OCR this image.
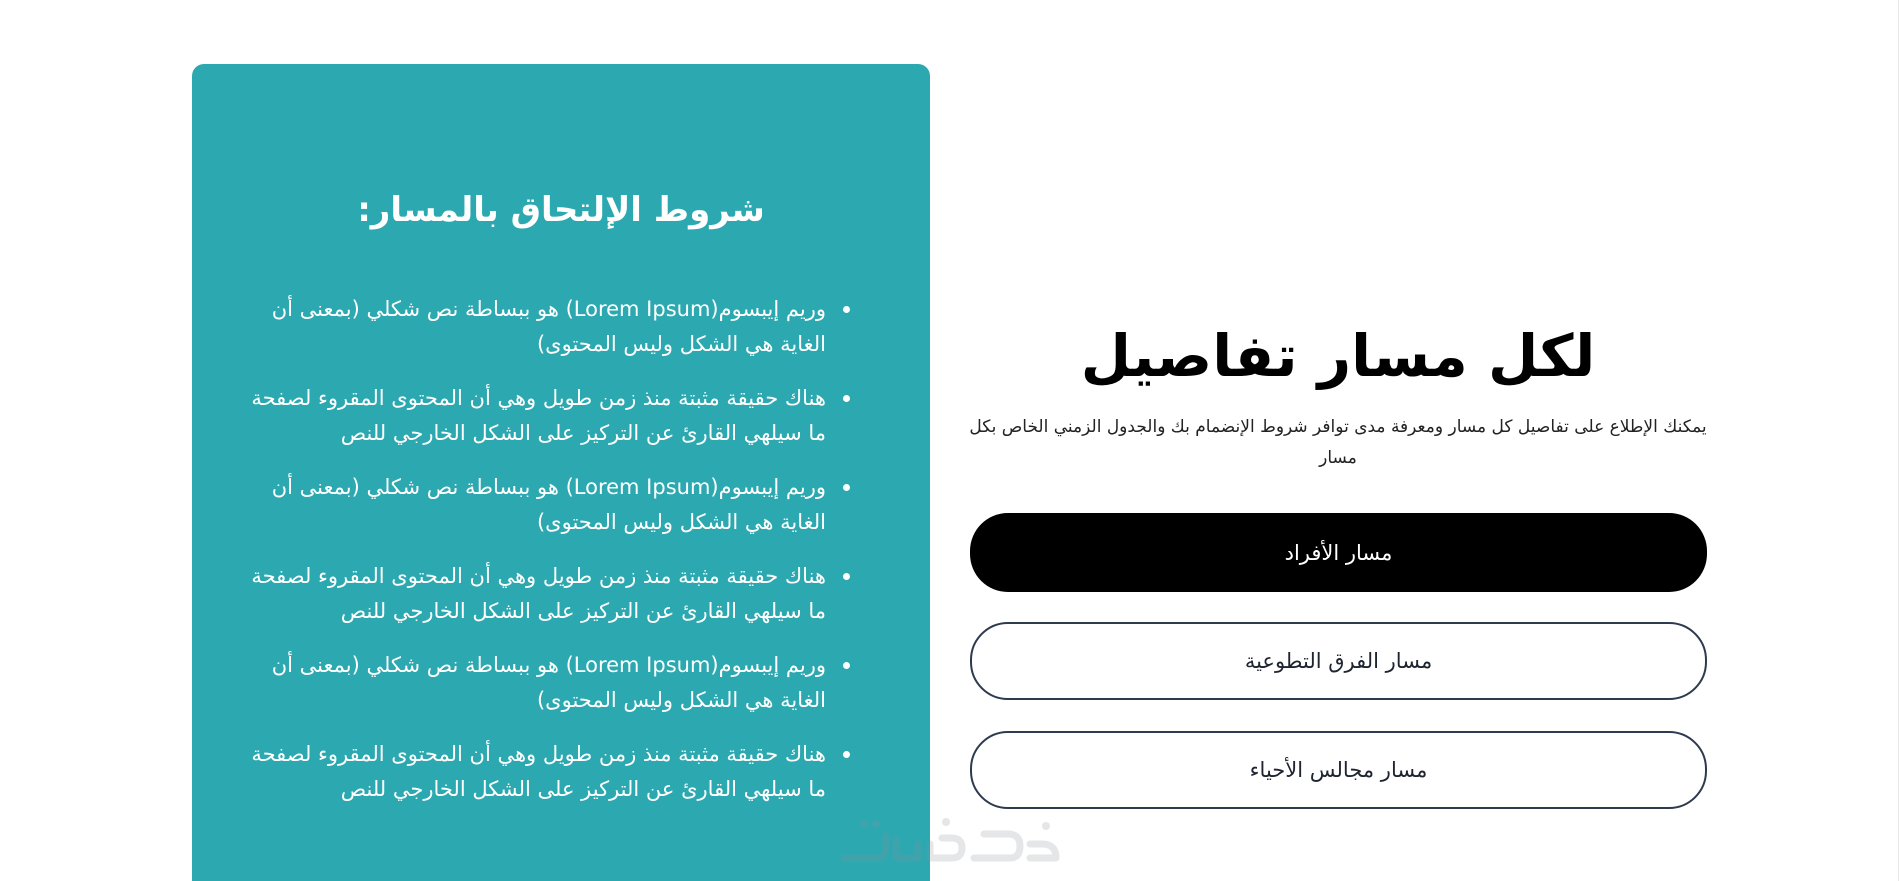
شروط الإلتحاق بالمسار:
وريم إيبسوم(Lorem Ipsum) هو ببساطة نص شكلي (بمعنى أن الغاية هي الشكل وليس المحتوى)
هناك حقيقة مثبتة منذ زمن طويل وهي أن المحتوى المقروء لصفحة ما سيلهي القارئ عن التركيز على الشكل الخارجي للنص
وريم إيبسوم(Lorem Ipsum) هو ببساطة نص شكلي (بمعنى أن الغاية هي الشكل وليس المحتوى)
هناك حقيقة مثبتة منذ زمن طويل وهي أن المحتوى المقروء لصفحة ما سيلهي القارئ عن التركيز على الشكل الخارجي للنص
وريم إيبسوم(Lorem Ipsum) هو ببساطة نص شكلي (بمعنى أن الغاية هي الشكل وليس المحتوى)
هناك حقيقة مثبتة منذ زمن طويل وهي أن المحتوى المقروء لصفحة ما سيلهي القارئ عن التركيز على الشكل الخارجي للنص
لكل مسار تفاصيل

يمكنك الإطلاع على تفاصيل كل مسار ومعرفة مدى توافر شروط الإنضمام بك والجدول الزمني الخاص بكل مسار

مسار الأفراد
مسار الفرق التطوعية
مسار مجالس الأحياء
